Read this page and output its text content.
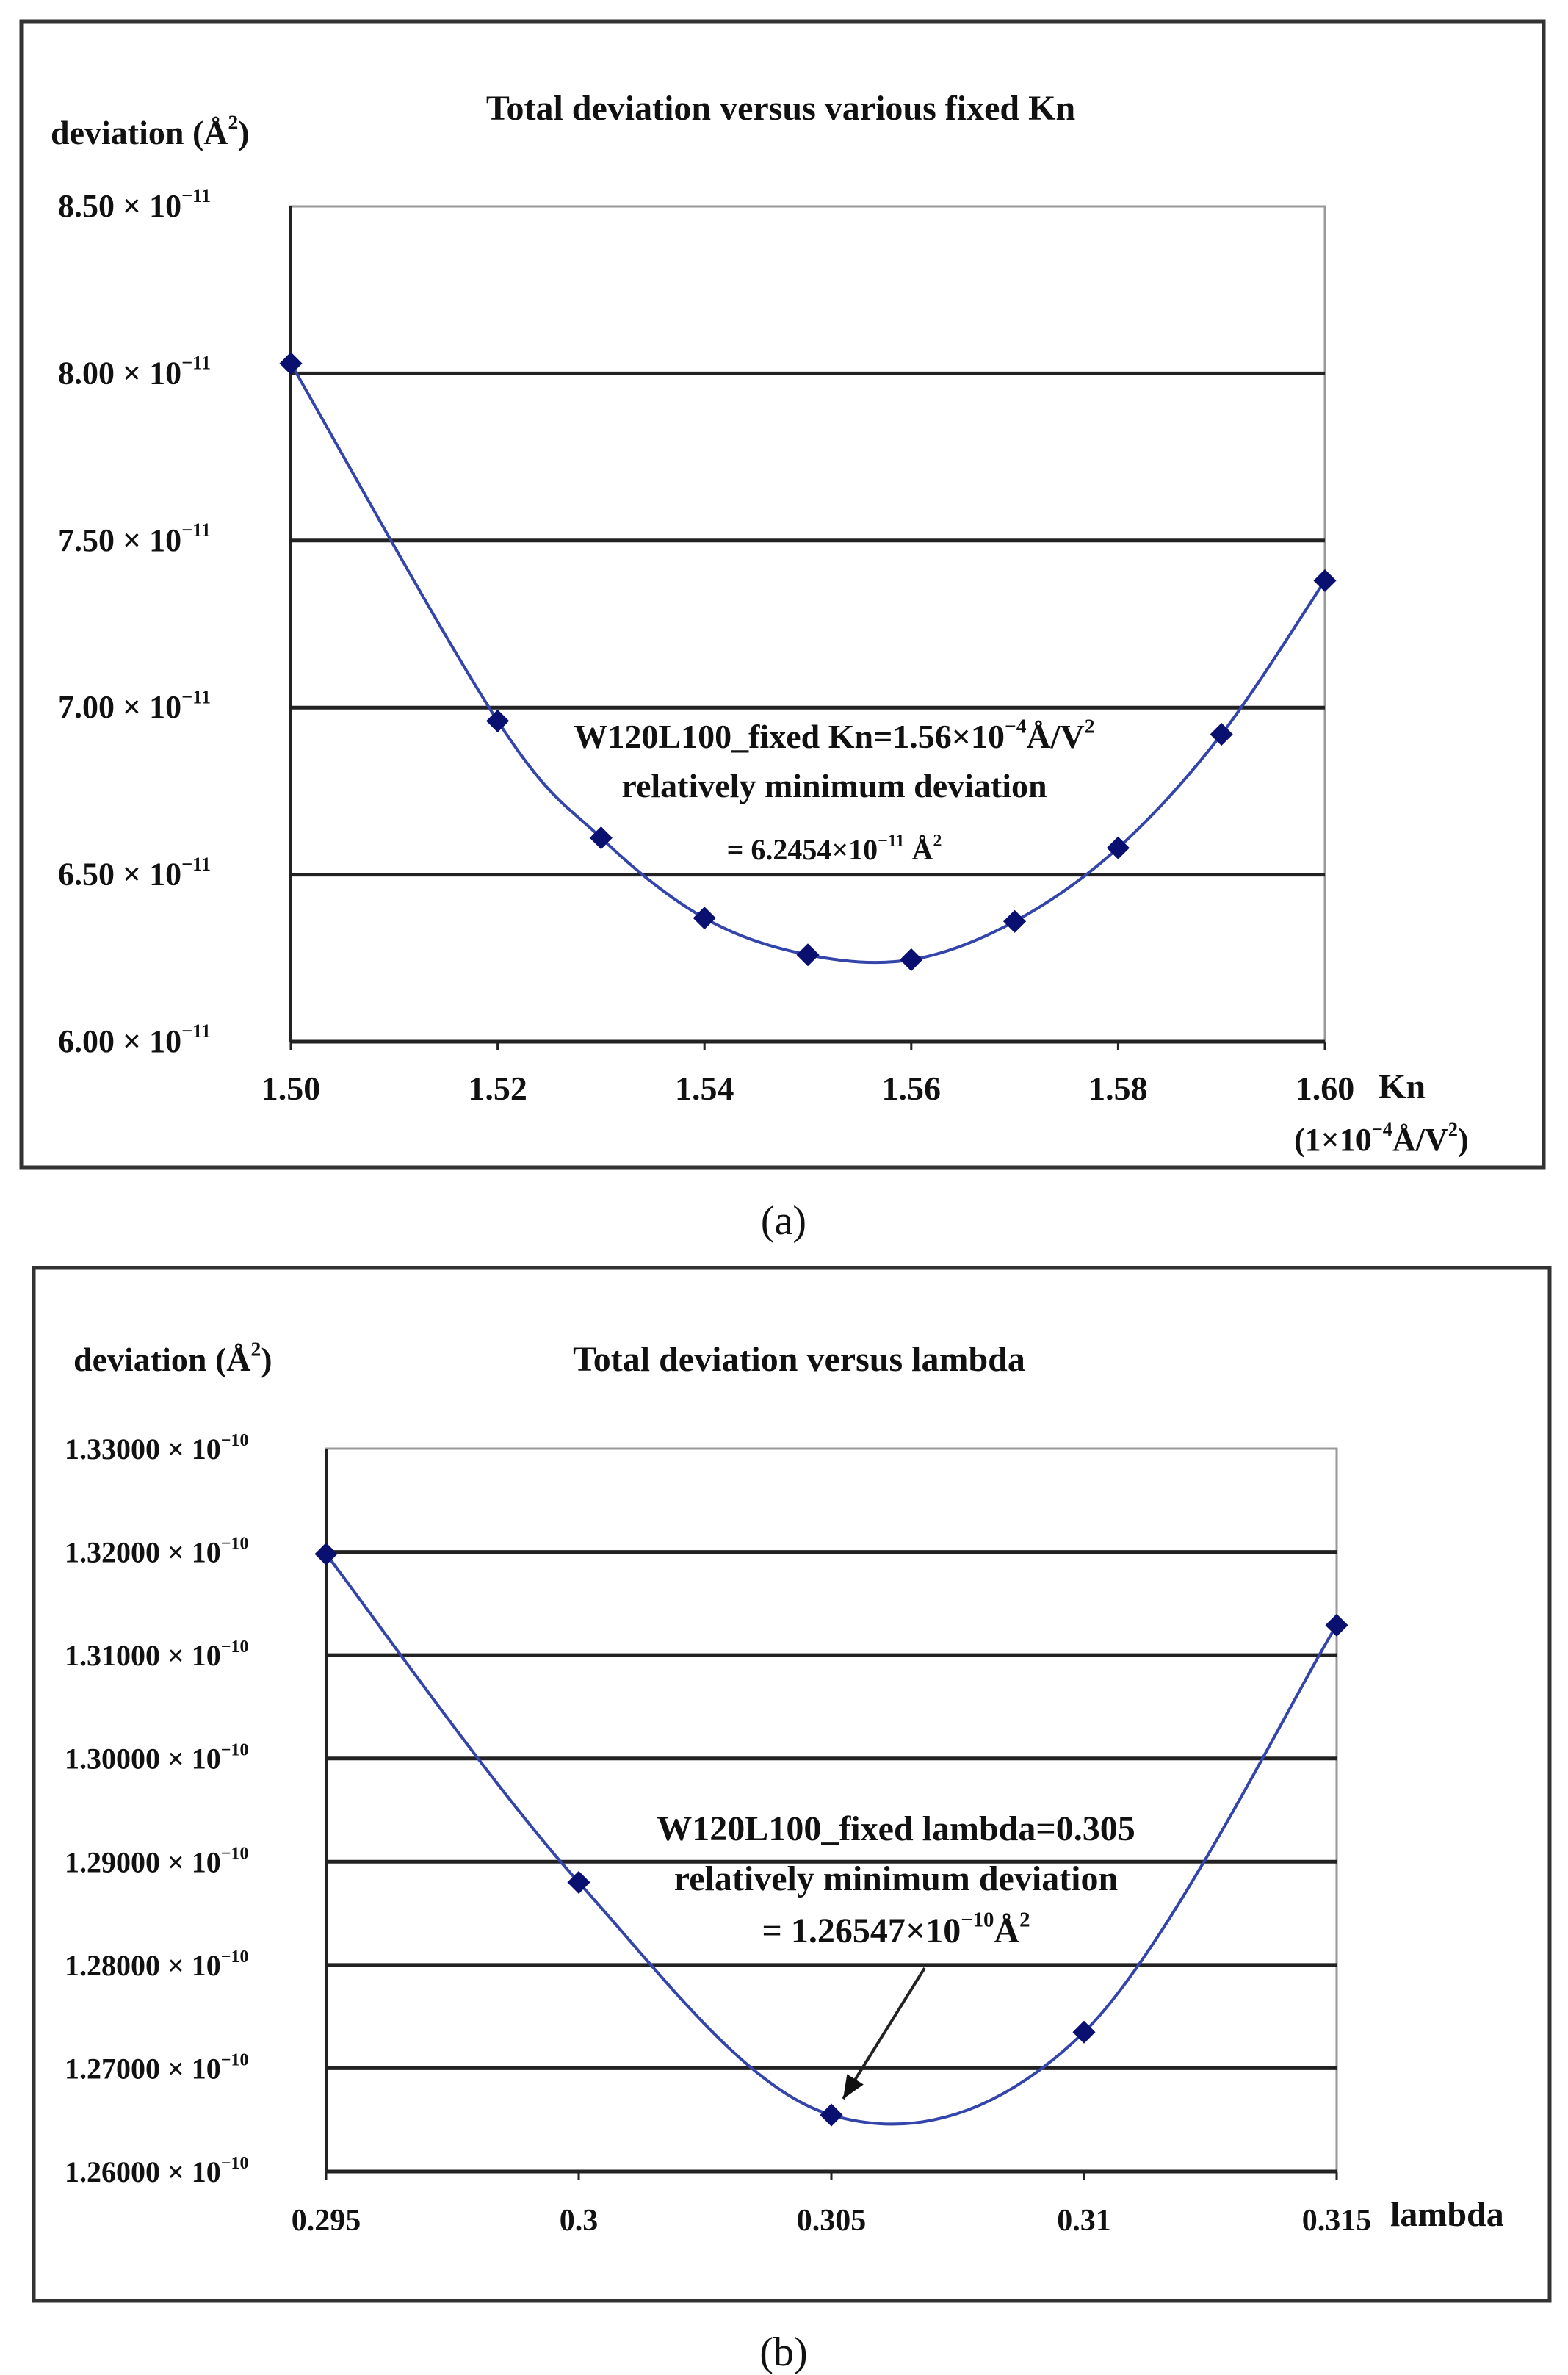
$6.00 \times 10^{-11}$
$6.50 \times 10^{-11}$
$7.00 \times 10^{-11}$
$7.50 \times 10^{-11}$
$8.00 \times 10^{-11}$
$8.50 \times 10^{-11}$
1.50	1.52	1.54	1.56	1.58	1.60
deviation $(Å^2)$
Total deviation versus various fixed Kn
Kn
$(1\times 10^{-4}Å/V^2)$
W120L100_fixed $Kn=1.56\times 10^{-4}Å/V^2$
relatively minimum deviation
= $6.2454\times 10^{-11}$ $Å^2$
(a)
$1.26000 \times 10^{-10}$
$1.27000 \times 10^{-10}$
$1.28000 \times 10^{-10}$
$1.29000 \times 10^{-10}$
$1.30000 \times 10^{-10}$
$1.31000 \times 10^{-10}$
$1.32000 \times 10^{-10}$
$1.33000 \times 10^{-10}$
0.295	0.3	0.305	0.31	0.315
deviation $(Å^2)$	Total deviation versus lambda
lambda
W120L100_fixed lambda=0.305
relatively minimum deviation
= $1.26547\times 10^{-10}Å^2$
(b)
